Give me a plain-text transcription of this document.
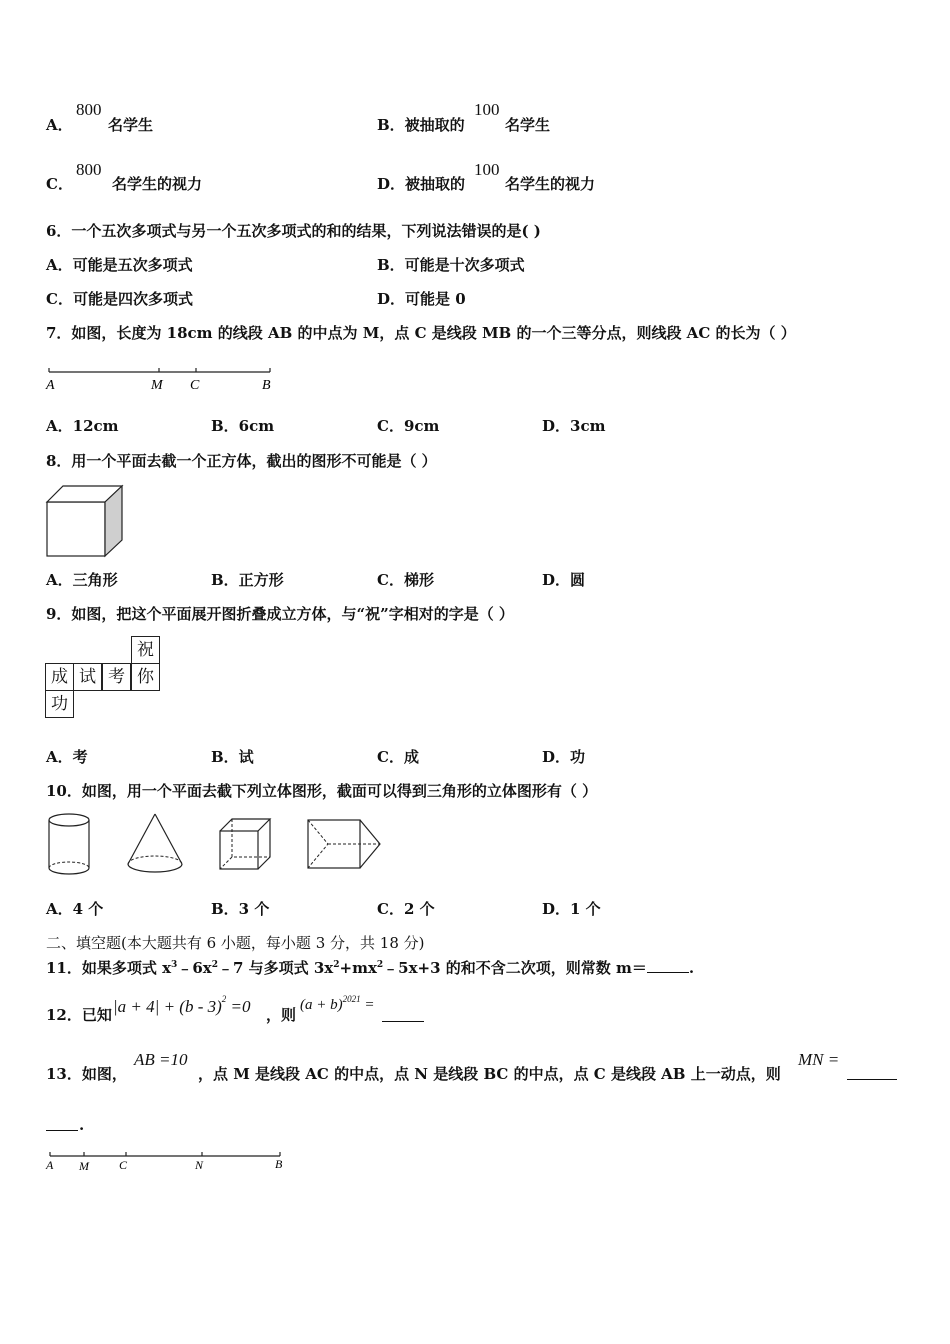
A．
800
名学生	B．被抽取的
100
名学生
C．
800
名学生的视力	D．被抽取的
100
名学生的视力
6．一个五次多项式与另一个五次多项式的和的结果，下列说法错误的是( )
A．可能是五次多项式	B．可能是十次多项式
C．可能是四次多项式	D．可能是 0
7．如图，长度为 18cm 的线段 AB 的中点为 M，点 C 是线段 MB 的一个三等分点，则线段 AC 的长为（ ）
A	M C	B
A．12cm	B．6cm	C．9cm	D．3cm
8．用一个平面去截一个正方体，截出的图形不可能是（ ）
A．三角形	B．正方形	C．梯形	D．圆
9．如图，把这个平面展开图折叠成立方体，与“祝”字相对的字是（ ）
祝
成 试 考 你
功
A．考	B．试	C．成	D．功
10．如图，用一个平面去截下列立体图形，截面可以得到三角形的立体图形有（ ）
A．4 个	B．3 个	C．2 个	D．1 个
二、填空题(本大题共有 6 小题，每小题 3 分，共 18 分)
11．如果多项式 $x^3﹣6x^2﹣7$ 与多项式 $3x^2+mx^2﹣5x+3$ 的和不含二次项，则常数 m＝	.
12．已知 |a + 4| + (b - 3)$^2$ =0 ，则
$(a + b)^{2021}$ =
13．如图，
AB =10
，点 M 是线段 AC 的中点，点 N 是线段 BC 的中点，点 C 是线段 AB 上一动点，则
MN =
.
A M	C	N	B
